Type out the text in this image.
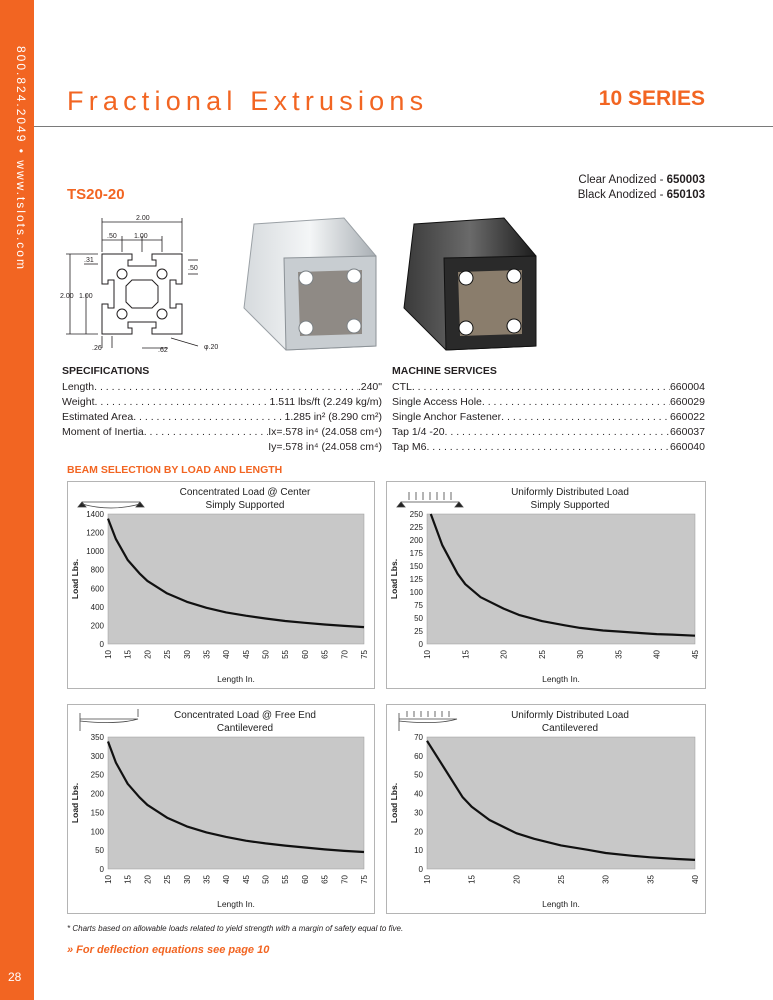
800.824.2049 • www.tslots.com
28
Fractional Extrusions	10 SERIES
TS20-20
Clear Anodized - 650003
Black Anodized - 650103
2.00
.50 1.00
.31
.50
2.00 1.00
.26	.62	φ.20
SPECIFICATIONS
Length . . .	.240"
Weight . . .	1.511 lbs/ft (2.249 kg/m)
Estimated Area . . .	1.285 in² (8.290 cm²)
Moment of Inertia . . .	Ix=.578 in⁴ (24.058 cm⁴)
Iy=.578 in⁴ (24.058 cm⁴)
MACHINE SERVICES
CTL . . .	660004
Single Access Hole . . .	660029
Single Anchor Fastener . . .	660022
Tap 1/4 -20 . . .	660037
Tap M6 . . .	660040
BEAM SELECTION BY LOAD AND LENGTH
Concentrated Load @ Center
Simply Supported
0
200
400
600
800
1000
1200
1400
10 15 20 25 30 35 40 45 50 55 60 65 70 75
Length In.
Load Lbs.
Uniformly Distributed Load
Simply Supported
0
25
50
75
100
125
150
175
200
225
250
10	15	20	25	30	35	40	45
Length In.
Load Lbs.
Concentrated Load @ Free End
Cantilevered
0
50
100
150
200
250
300
350
10 15 20 25 30 35 40 45 50 55 60 65 70 75
Length In.
Load Lbs.
Uniformly Distributed Load
Cantilevered
0
10
20
30
40
50
60
70
10	15	20	25	30	35	40
Length In.
Load Lbs.
* Charts based on allowable loads related to yield strength with a margin of safety equal to five.
» For deflection equations see page 10
